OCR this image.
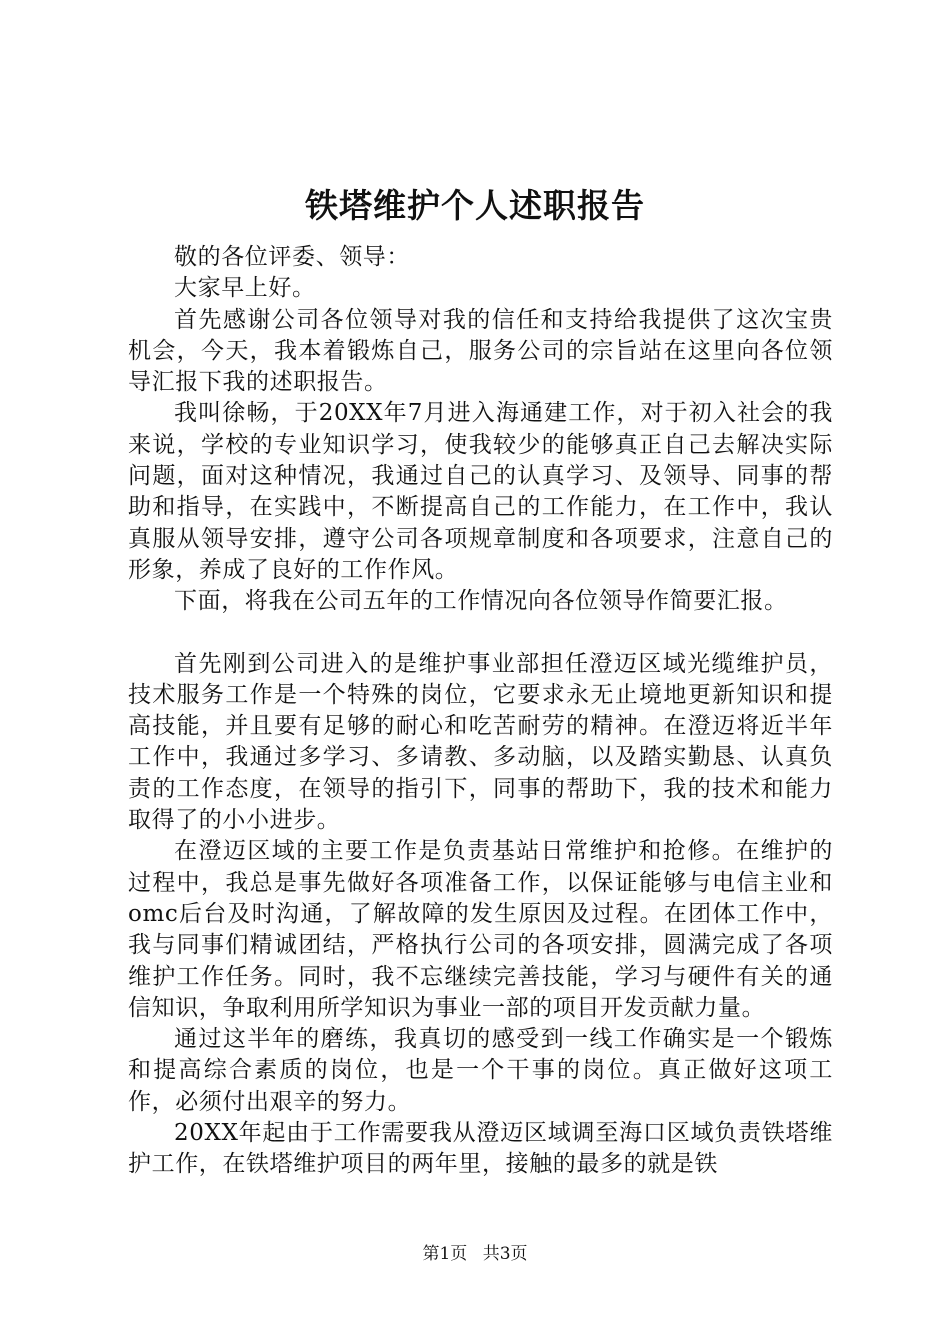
铁塔维护个人述职报告

敬的各位评委、领导：

大家早上好。

首先感谢公司各位领导对我的信任和支持给我提供了这次宝贵机会，今天，我本着锻炼自己，服务公司的宗旨站在这里向各位领导汇报下我的述职报告。

我叫徐畅，于20XX年7月进入海通建工作，对于初入社会的我来说，学校的专业知识学习，使我较少的能够真正自己去解决实际问题，面对这种情况，我通过自己的认真学习、及领导、同事的帮助和指导，在实践中，不断提高自己的工作能力，在工作中，我认真服从领导安排，遵守公司各项规章制度和各项要求，注意自己的形象，养成了良好的工作作风。

下面，将我在公司五年的工作情况向各位领导作简要汇报。

首先刚到公司进入的是维护事业部担任澄迈区域光缆维护员，技术服务工作是一个特殊的岗位，它要求永无止境地更新知识和提高技能，并且要有足够的耐心和吃苦耐劳的精神。在澄迈将近半年工作中，我通过多学习、多请教、多动脑，以及踏实勤恳、认真负责的工作态度，在领导的指引下，同事的帮助下，我的技术和能力取得了的小小进步。

在澄迈区域的主要工作是负责基站日常维护和抢修。在维护的过程中，我总是事先做好各项准备工作，以保证能够与电信主业和omc后台及时沟通，了解故障的发生原因及过程。在团体工作中，我与同事们精诚团结，严格执行公司的各项安排，圆满完成了各项维护工作任务。同时，我不忘继续完善技能，学习与硬件有关的通信知识，争取利用所学知识为事业一部的项目开发贡献力量。

通过这半年的磨练，我真切的感受到一线工作确实是一个锻炼和提高综合素质的岗位，也是一个干事的岗位。真正做好这项工作，必须付出艰辛的努力。

20XX年起由于工作需要我从澄迈区域调至海口区域负责铁塔维护工作，在铁塔维护项目的两年里，接触的最多的就是铁

第1页 共3页
